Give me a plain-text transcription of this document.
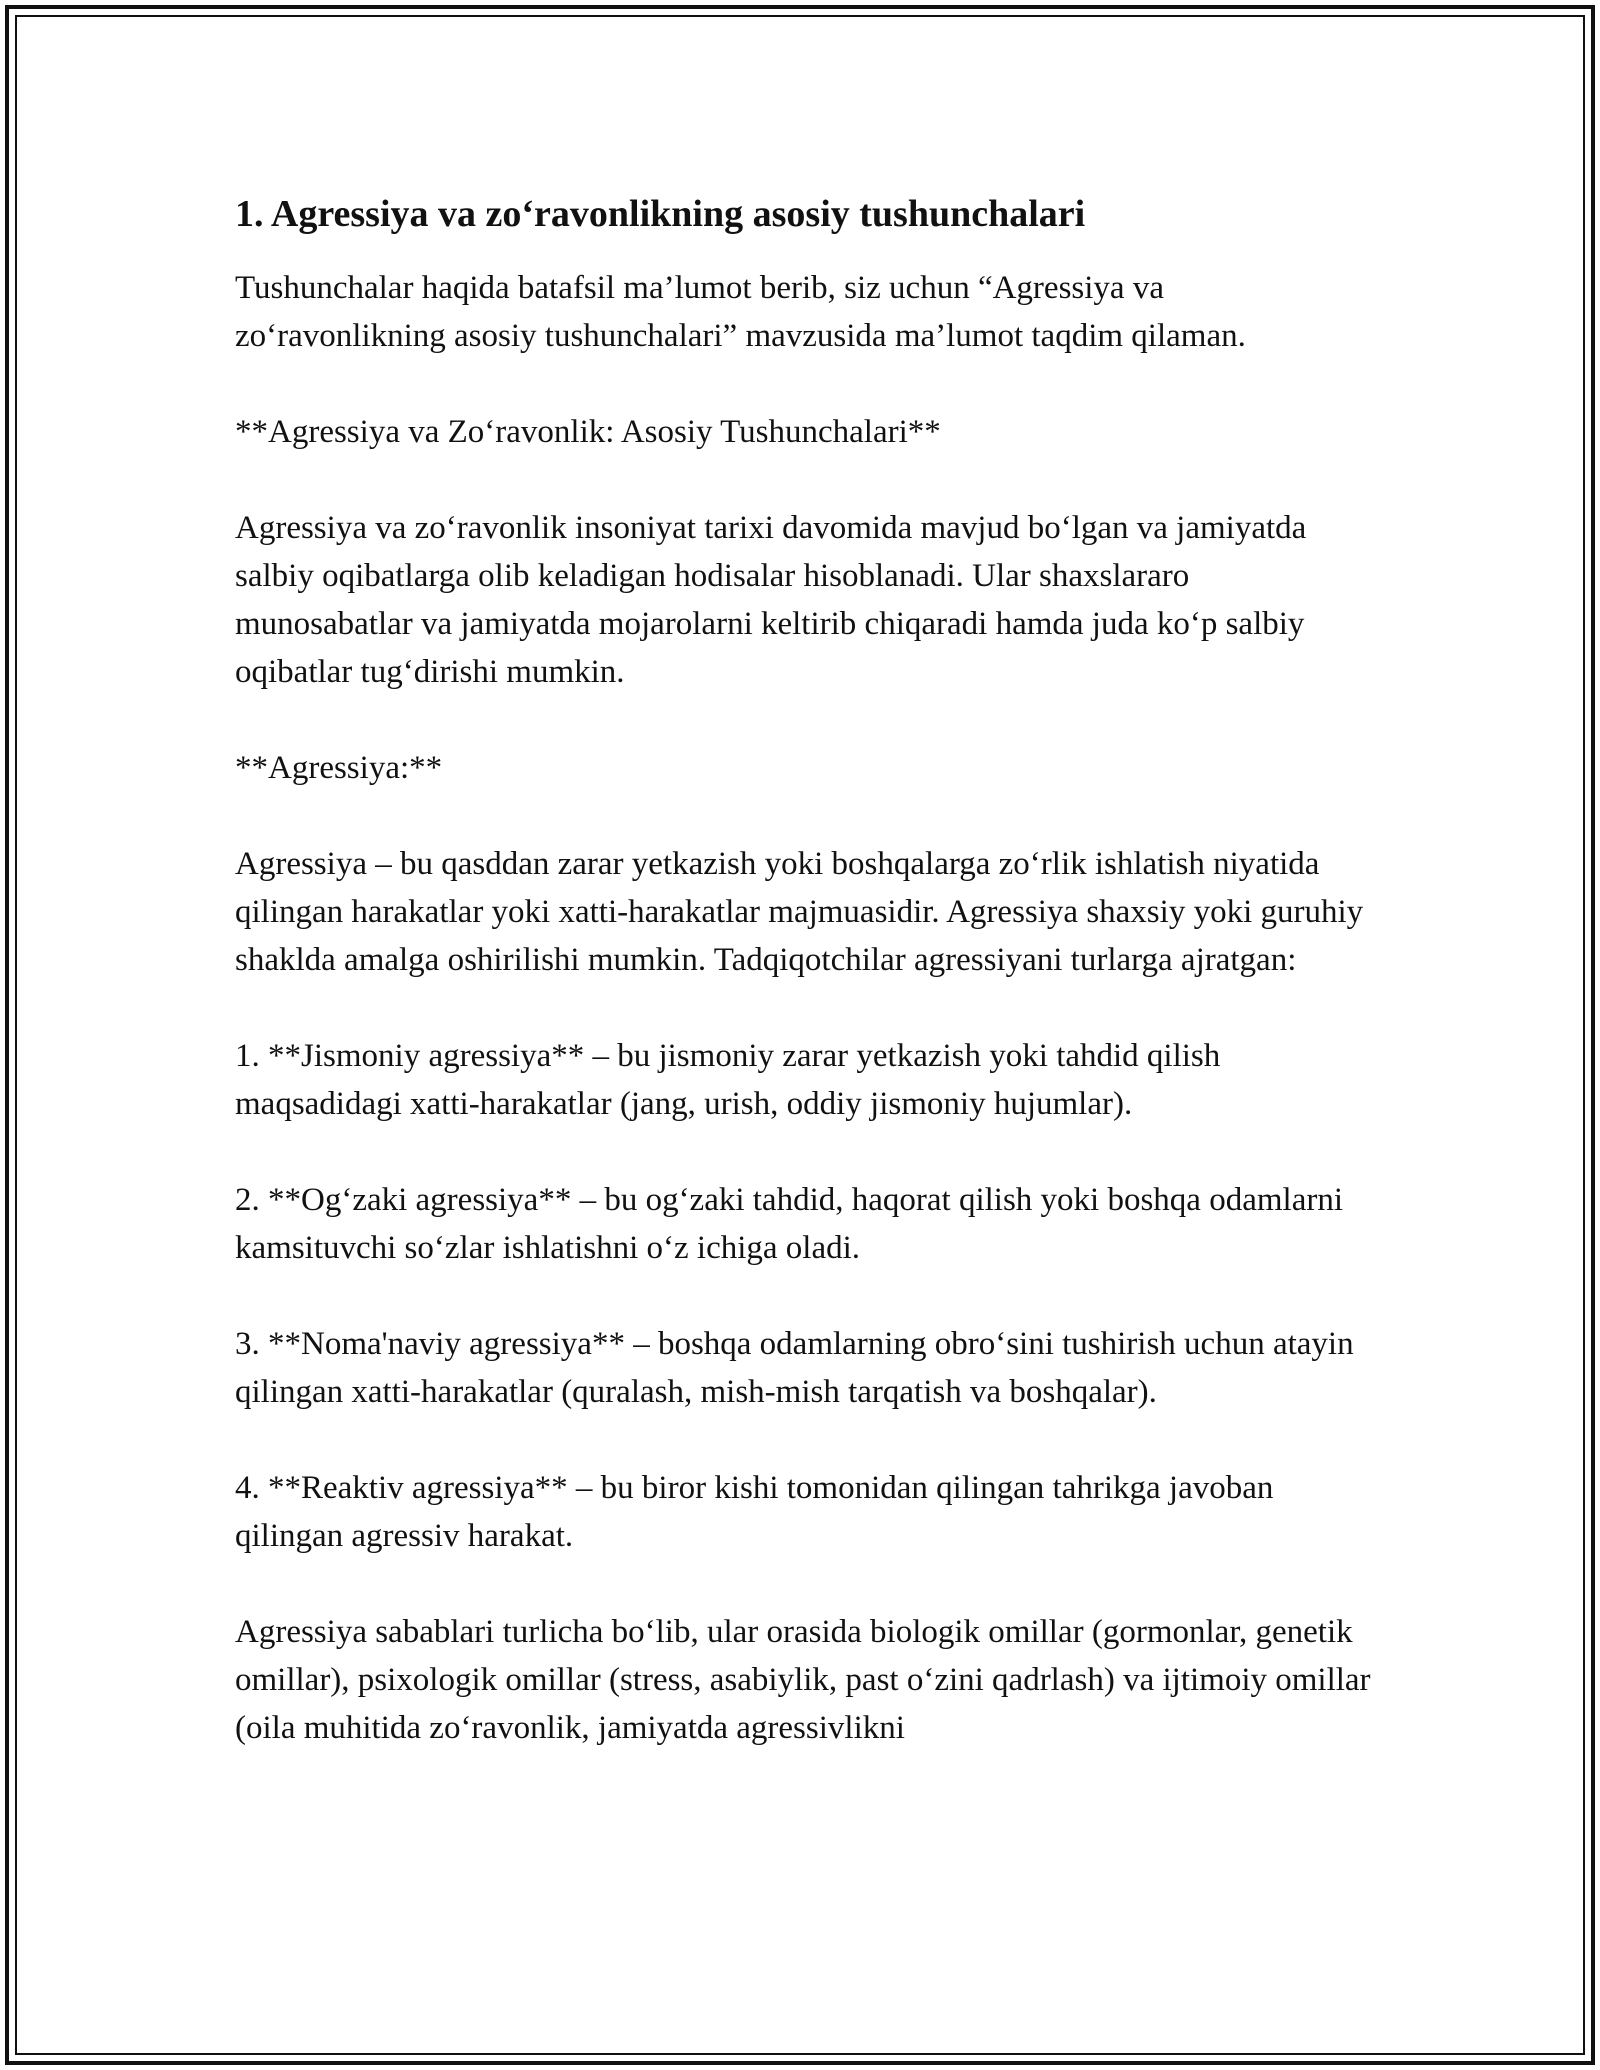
1. Agressiya va zo‘ravonlikning asosiy tushunchalari

Tushunchalar haqida batafsil ma’lumot berib, siz uchun “Agressiya va zo‘ravonlikning asosiy tushunchalari” mavzusida ma’lumot taqdim qilaman.

**Agressiya va Zo‘ravonlik: Asosiy Tushunchalari**

Agressiya va zo‘ravonlik insoniyat tarixi davomida mavjud bo‘lgan va jamiyatda salbiy oqibatlarga olib keladigan hodisalar hisoblanadi. Ular shaxslararo munosabatlar va jamiyatda mojarolarni keltirib chiqaradi hamda juda ko‘p salbiy oqibatlar tug‘dirishi mumkin.

**Agressiya:**

Agressiya – bu qasddan zarar yetkazish yoki boshqalarga zo‘rlik ishlatish niyatida qilingan harakatlar yoki xatti-harakatlar majmuasidir. Agressiya shaxsiy yoki guruhiy shaklda amalga oshirilishi mumkin. Tadqiqotchilar agressiyani turlarga ajratgan:

1. **Jismoniy agressiya** – bu jismoniy zarar yetkazish yoki tahdid qilish maqsadidagi xatti-harakatlar (jang, urish, oddiy jismoniy hujumlar).

2. **Og‘zaki agressiya** – bu og‘zaki tahdid, haqorat qilish yoki boshqa odamlarni kamsituvchi so‘zlar ishlatishni o‘z ichiga oladi.

3. **Noma'naviy agressiya** – boshqa odamlarning obro‘sini tushirish uchun atayin qilingan xatti-harakatlar (quralash, mish-mish tarqatish va boshqalar).

4. **Reaktiv agressiya** – bu biror kishi tomonidan qilingan tahrikga javoban qilingan agressiv harakat.

Agressiya sabablari turlicha bo‘lib, ular orasida biologik omillar (gormonlar, genetik omillar), psixologik omillar (stress, asabiylik, past o‘zini qadrlash) va ijtimoiy omillar (oila muhitida zo‘ravonlik, jamiyatda agressivlikni
